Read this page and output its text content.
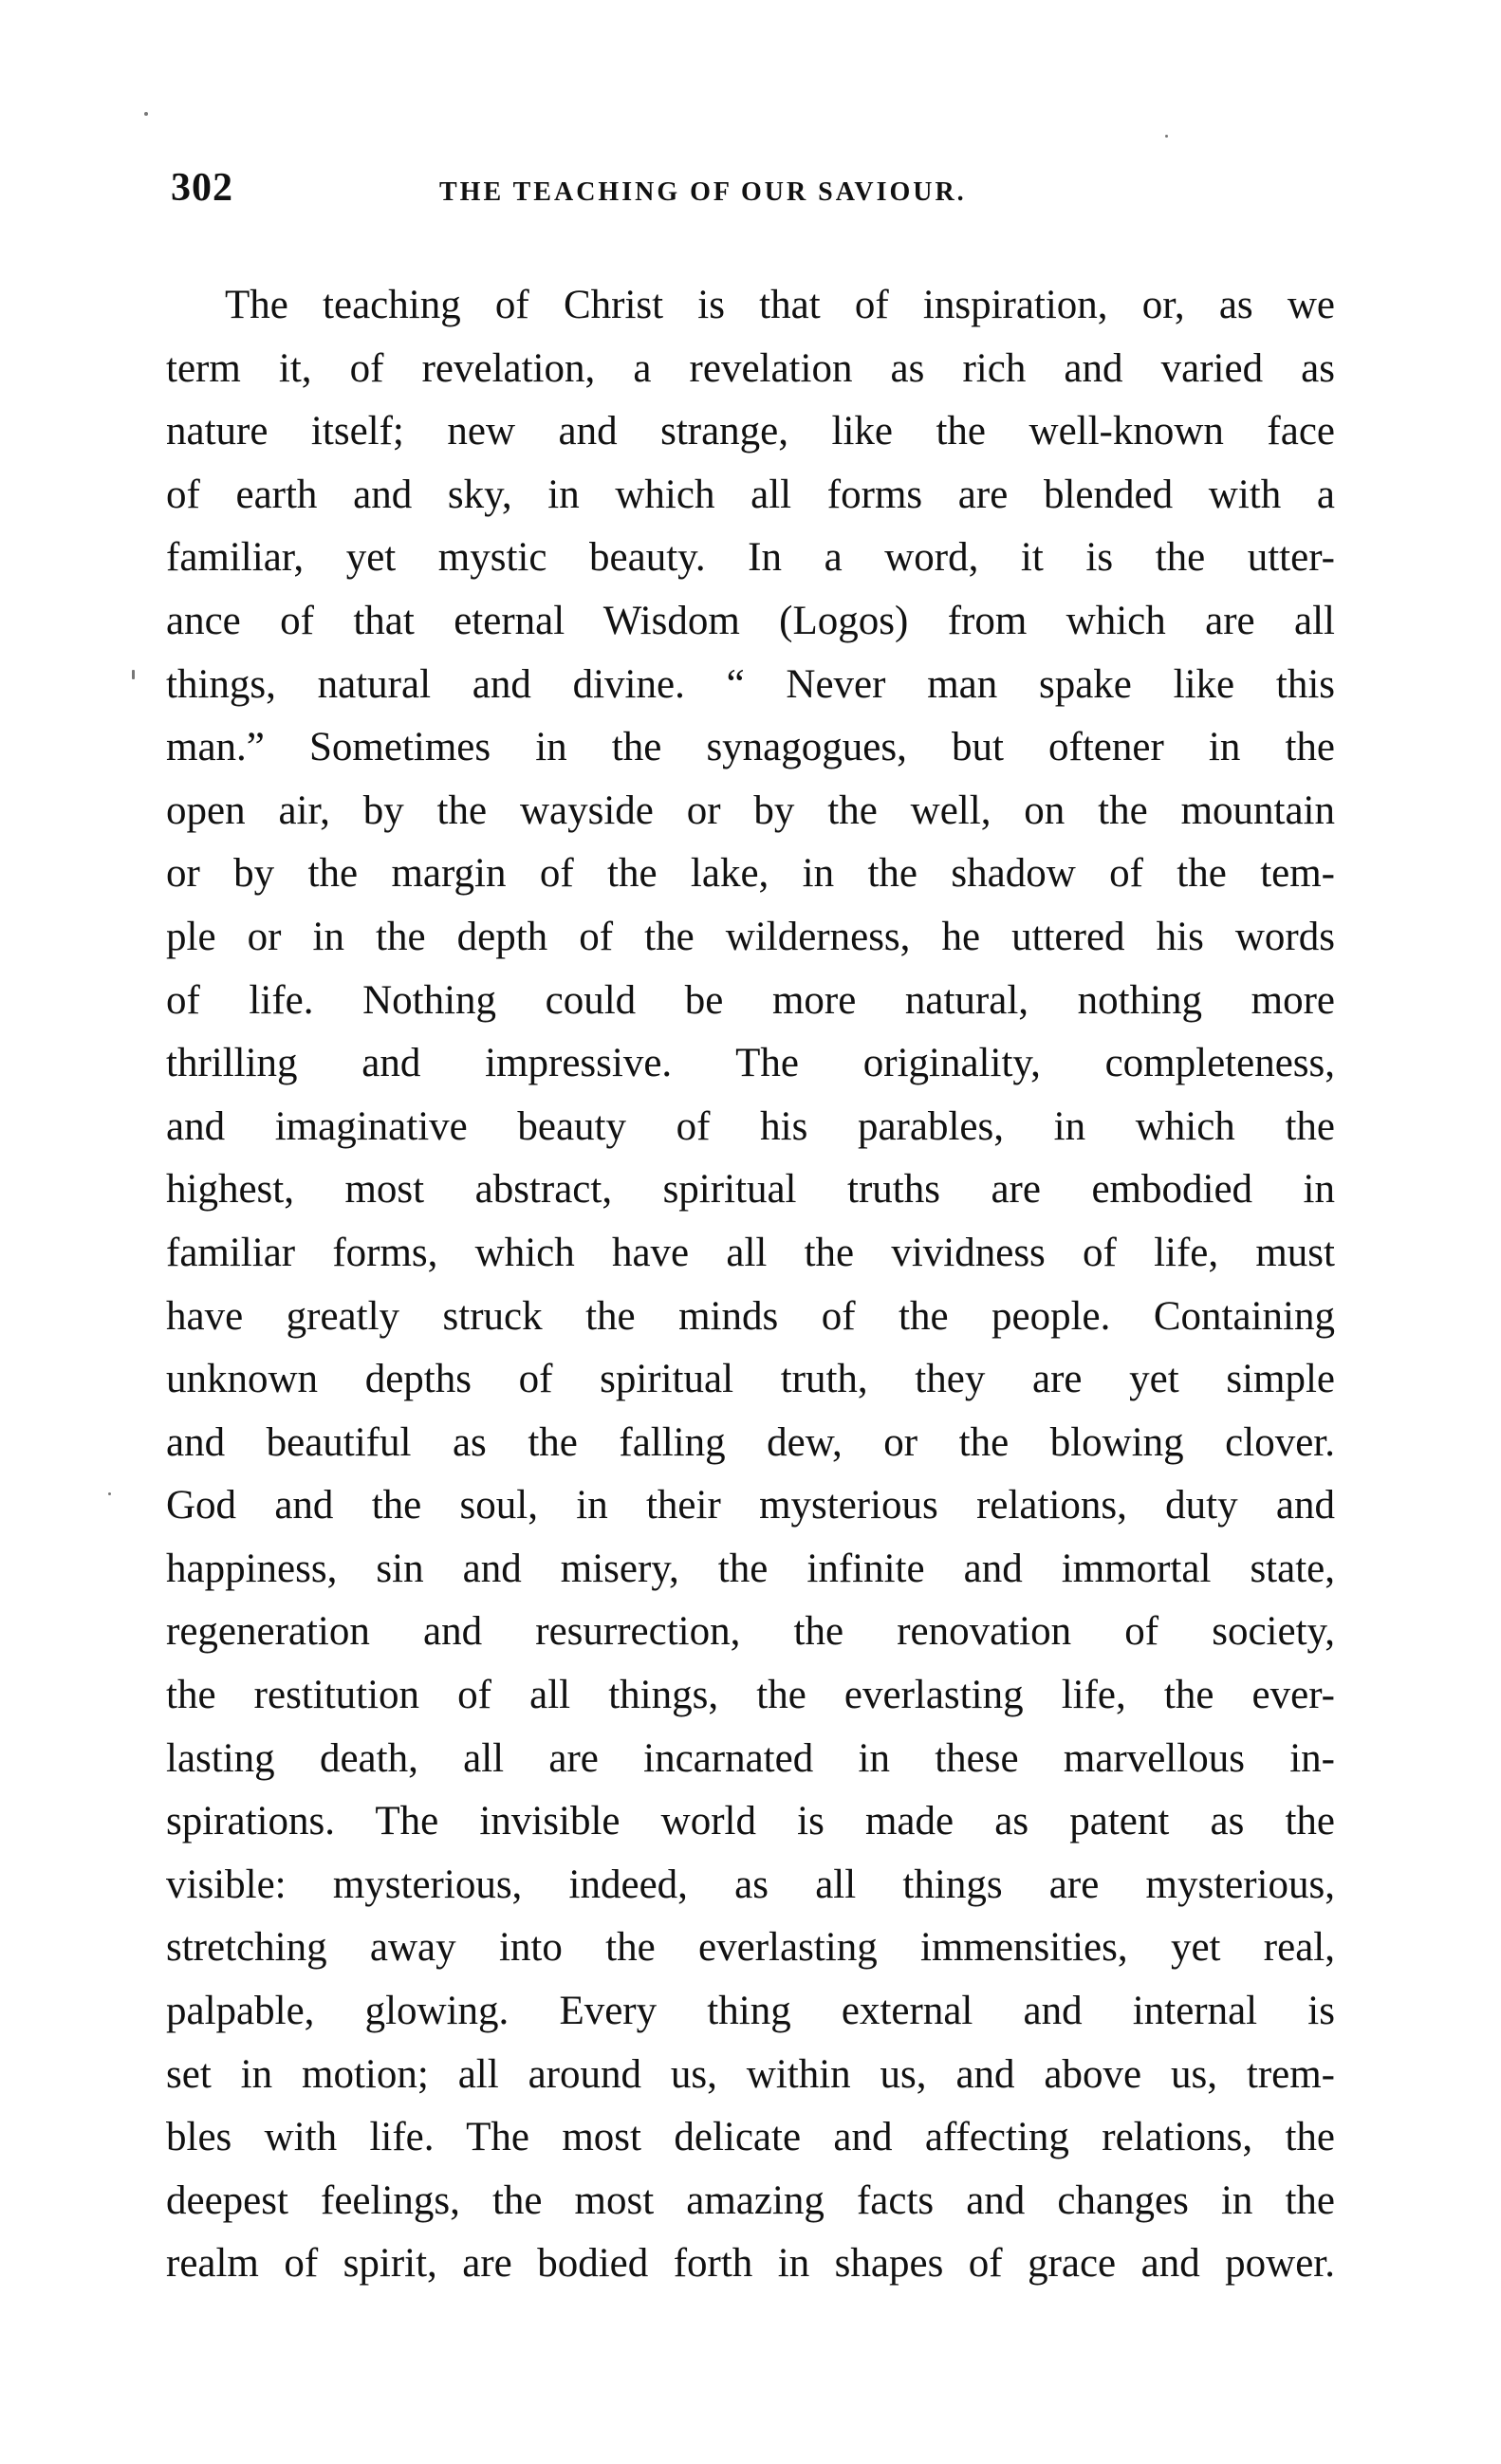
302	THE TEACHING OF OUR SAVIOUR.
The teaching of Christ is that of inspiration, or, as we
term it, of revelation, a revelation as rich and varied as
nature itself; new and strange, like the well-known face
of earth and sky, in which all forms are blended with a
familiar, yet mystic beauty. In a word, it is the utter-
ance of that eternal Wisdom (Logos) from which are all
things, natural and divine. “ Never man spake like this
man.” Sometimes in the synagogues, but oftener in the
open air, by the wayside or by the well, on the mountain
or by the margin of the lake, in the shadow of the tem-
ple or in the depth of the wilderness, he uttered his words
of life. Nothing could be more natural, nothing more
thrilling and impressive. The originality, completeness,
and imaginative beauty of his parables, in which the
highest, most abstract, spiritual truths are embodied in
familiar forms, which have all the vividness of life, must
have greatly struck the minds of the people. Containing
unknown depths of spiritual truth, they are yet simple
and beautiful as the falling dew, or the blowing clover.
God and the soul, in their mysterious relations, duty and
happiness, sin and misery, the infinite and immortal state,
regeneration and resurrection, the renovation of society,
the restitution of all things, the everlasting life, the ever-
lasting death, all are incarnated in these marvellous in-
spirations. The invisible world is made as patent as the
visible: mysterious, indeed, as all things are mysterious,
stretching away into the everlasting immensities, yet real,
palpable, glowing. Every thing external and internal is
set in motion; all around us, within us, and above us, trem-
bles with life. The most delicate and affecting relations, the
deepest feelings, the most amazing facts and changes in the
realm of spirit, are bodied forth in shapes of grace and power.
